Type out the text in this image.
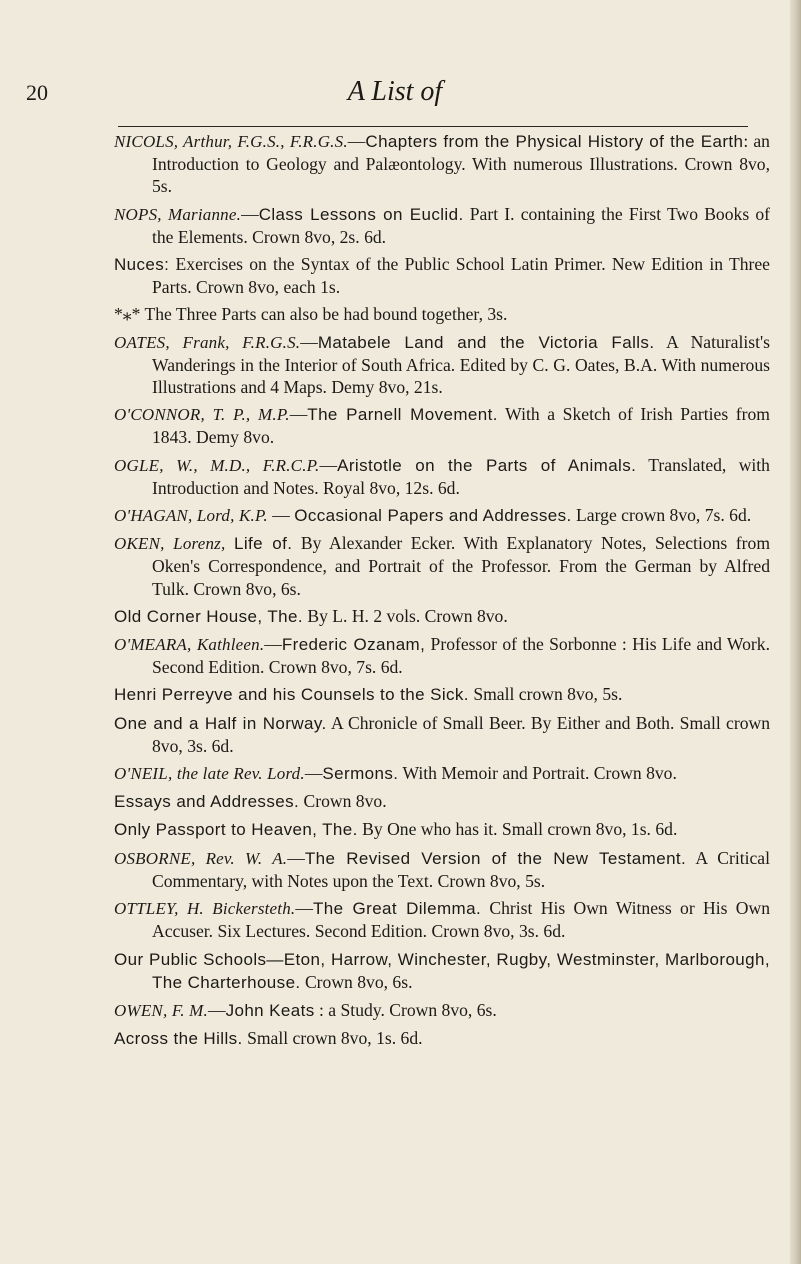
20	A List of
NICOLS, Arthur, F.G.S., F.R.G.S.—Chapters from the Physical History of the Earth: an Introduction to Geology and Palæontology. With numerous Illustrations. Crown 8vo, 5s.
NOPS, Marianne.—Class Lessons on Euclid. Part I. containing the First Two Books of the Elements. Crown 8vo, 2s. 6d.
Nuces: Exercises on the Syntax of the Public School Latin Primer. New Edition in Three Parts. Crown 8vo, each 1s.
*⁎* The Three Parts can also be had bound together, 3s.
OATES, Frank, F.R.G.S.—Matabele Land and the Victoria Falls. A Naturalist's Wanderings in the Interior of South Africa. Edited by C. G. Oates, B.A. With numerous Illustrations and 4 Maps. Demy 8vo, 21s.
O'CONNOR, T. P., M.P.—The Parnell Movement. With a Sketch of Irish Parties from 1843. Demy 8vo.
OGLE, W., M.D., F.R.C.P.—Aristotle on the Parts of Animals. Translated, with Introduction and Notes. Royal 8vo, 12s. 6d.
O'HAGAN, Lord, K.P. — Occasional Papers and Addresses. Large crown 8vo, 7s. 6d.
OKEN, Lorenz, Life of. By Alexander Ecker. With Explanatory Notes, Selections from Oken's Correspondence, and Portrait of the Professor. From the German by Alfred Tulk. Crown 8vo, 6s.
Old Corner House, The. By L. H. 2 vols. Crown 8vo.
O'MEARA, Kathleen.—Frederic Ozanam, Professor of the Sorbonne : His Life and Work. Second Edition. Crown 8vo, 7s. 6d.
Henri Perreyve and his Counsels to the Sick. Small crown 8vo, 5s.
One and a Half in Norway. A Chronicle of Small Beer. By Either and Both. Small crown 8vo, 3s. 6d.
O'NEIL, the late Rev. Lord.—Sermons. With Memoir and Portrait. Crown 8vo.
Essays and Addresses. Crown 8vo.
Only Passport to Heaven, The. By One who has it. Small crown 8vo, 1s. 6d.
OSBORNE, Rev. W. A.—The Revised Version of the New Testament. A Critical Commentary, with Notes upon the Text. Crown 8vo, 5s.
OTTLEY, H. Bickersteth.—The Great Dilemma. Christ His Own Witness or His Own Accuser. Six Lectures. Second Edition. Crown 8vo, 3s. 6d.
Our Public Schools—Eton, Harrow, Winchester, Rugby, Westminster, Marlborough, The Charterhouse. Crown 8vo, 6s.
OWEN, F. M.—John Keats : a Study. Crown 8vo, 6s.
Across the Hills. Small crown 8vo, 1s. 6d.
